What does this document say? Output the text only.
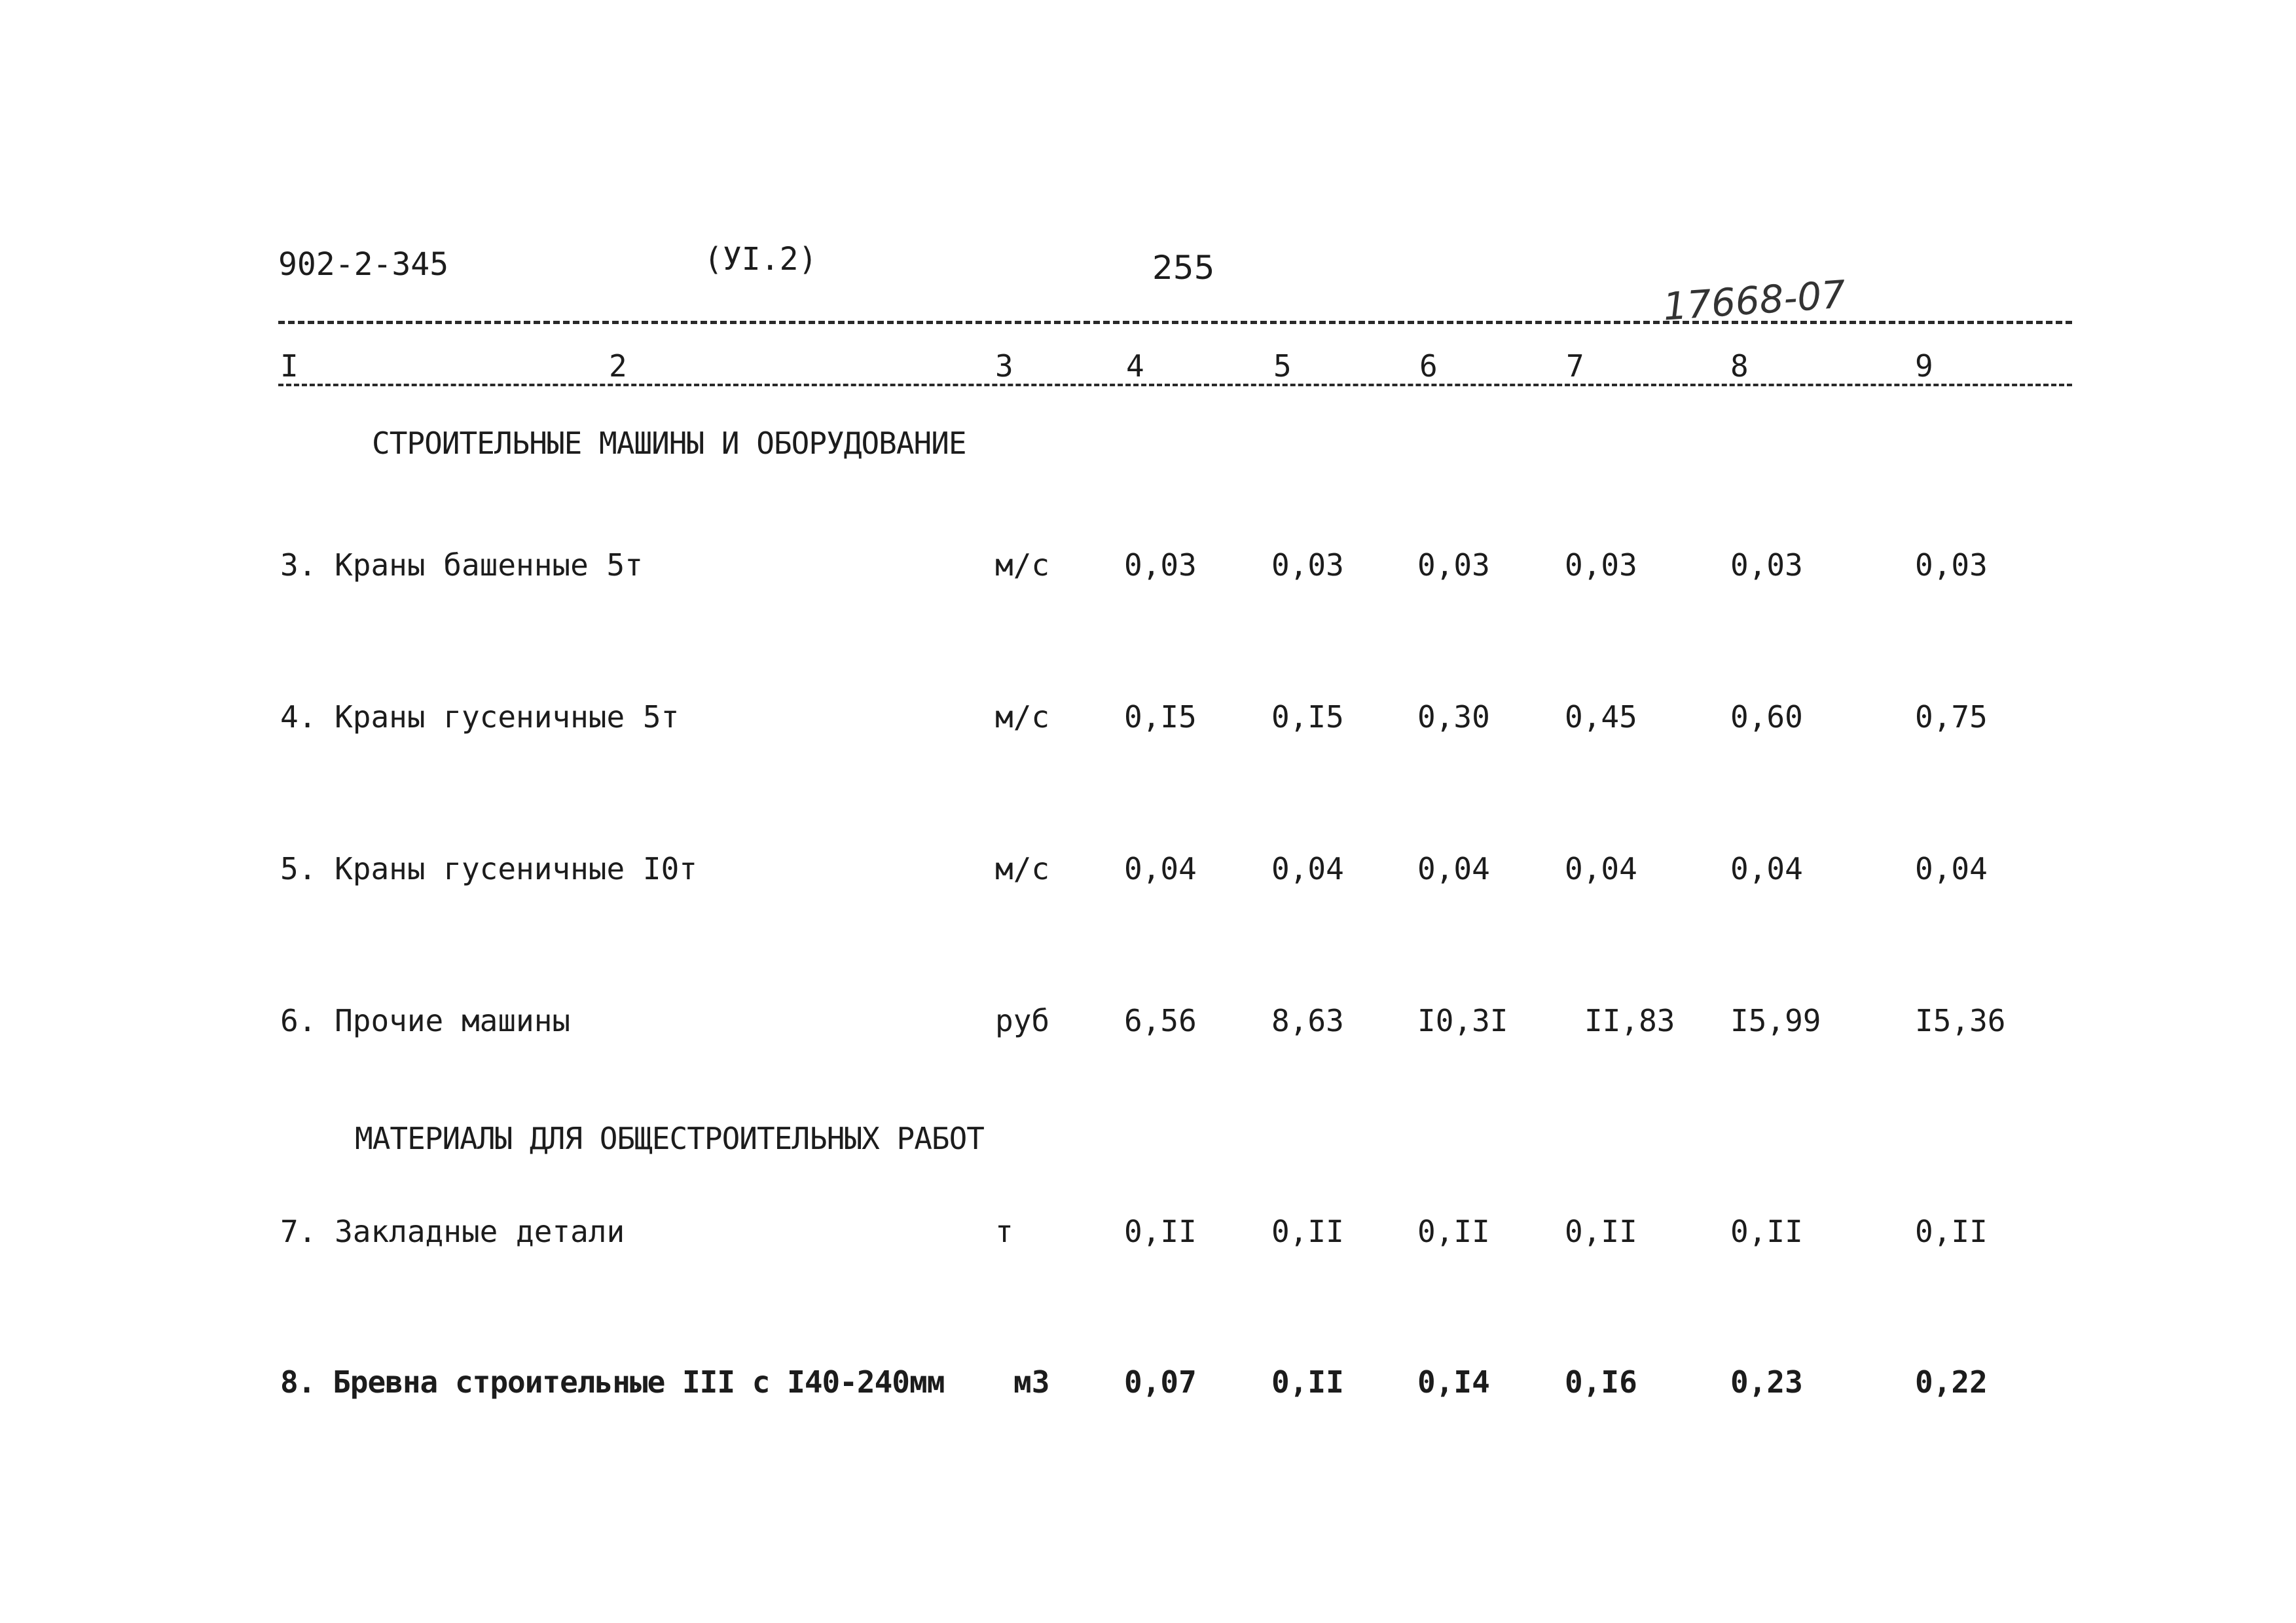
902-2-345	(УI.2)	255
17668-07
I	2	3	4	5	6	7	8	9
СТРОИТЕЛЬНЫЕ МАШИНЫ И ОБОРУДОВАНИЕ
3. Краны башенные 5т	м/с 0,03 0,03 0,03 0,03	0,03	0,03
4. Краны гусеничные 5т	м/с 0,I5 0,I5 0,30 0,45	0,60	0,75
5. Краны гусеничные I0т	м/с 0,04 0,04 0,04 0,04	0,04	0,04
6. Прочие машины	руб 6,56 8,63 I0,3I	II,83 I5,99	I5,36
МАТЕРИАЛЫ ДЛЯ ОБЩЕСТРОИТЕЛЬНЫХ РАБОТ
7. Закладные детали	т	0,II 0,II 0,II 0,II	0,II	0,II
8. Бревна строительные III с I40-240мм м3 0,07 0,II 0,I4 0,I6	0,23	0,22
